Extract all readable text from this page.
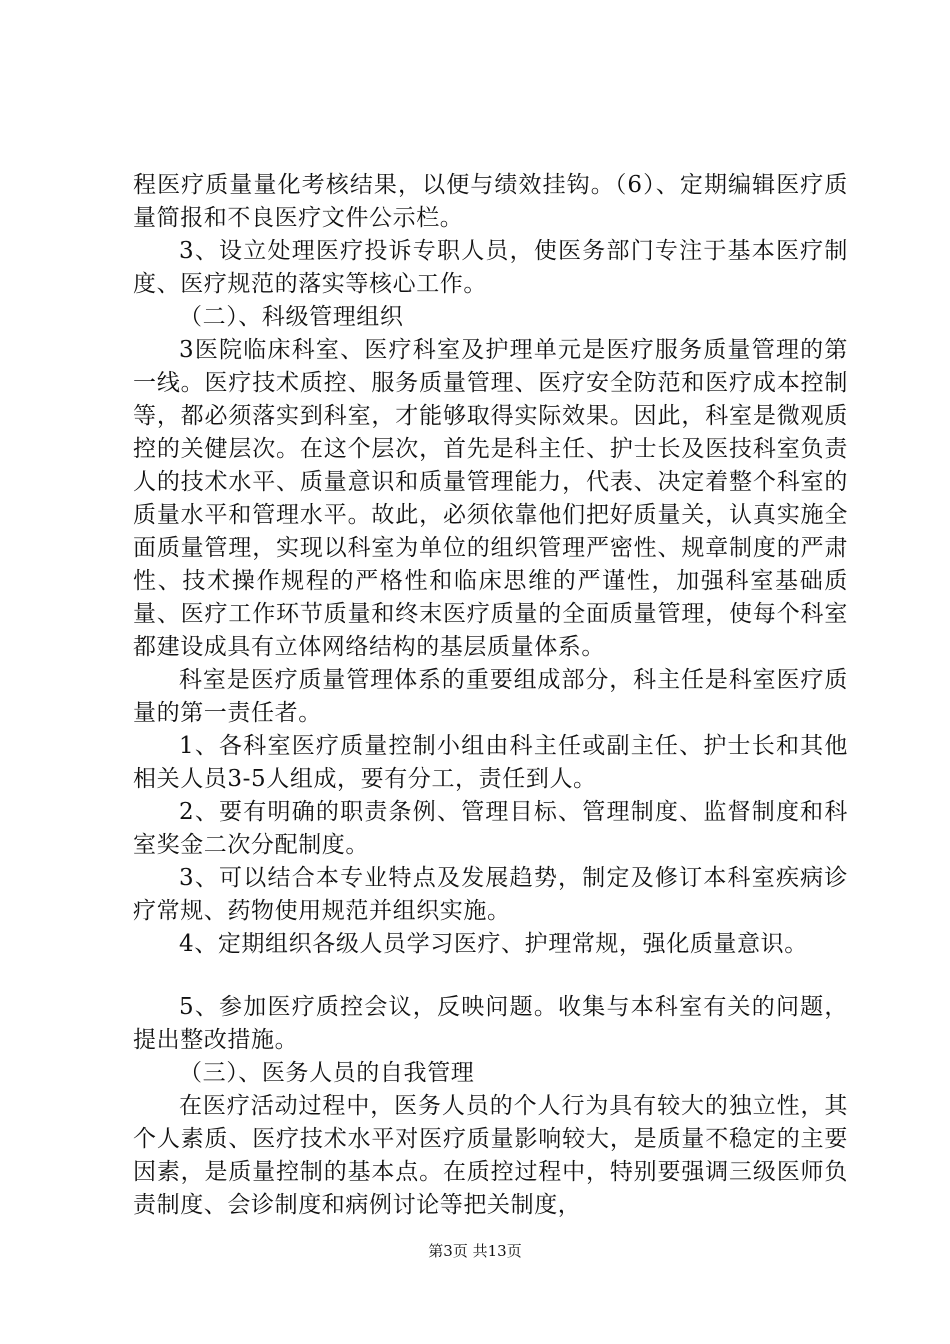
程医疗质量量化考核结果，以便与绩效挂钩。（6）、定期编辑医疗质量简报和不良医疗文件公示栏。

3、设立处理医疗投诉专职人员，使医务部门专注于基本医疗制度、医疗规范的落实等核心工作。

（二）、科级管理组织

3医院临床科室、医疗科室及护理单元是医疗服务质量管理的第一线。医疗技术质控、服务质量管理、医疗安全防范和医疗成本控制等，都必须落实到科室，才能够取得实际效果。因此，科室是微观质控的关健层次。在这个层次，首先是科主任、护士长及医技科室负责人的技术水平、质量意识和质量管理能力，代表、决定着整个科室的质量水平和管理水平。故此，必须依靠他们把好质量关，认真实施全面质量管理，实现以科室为单位的组织管理严密性、规章制度的严肃性、技术操作规程的严格性和临床思维的严谨性，加强科室基础质量、医疗工作环节质量和终末医疗质量的全面质量管理，使每个科室都建设成具有立体网络结构的基层质量体系。

科室是医疗质量管理体系的重要组成部分，科主任是科室医疗质量的第一责任者。

1、各科室医疗质量控制小组由科主任或副主任、护士长和其他相关人员3-5人组成，要有分工，责任到人。

2、要有明确的职责条例、管理目标、管理制度、监督制度和科室奖金二次分配制度。

3、可以结合本专业特点及发展趋势，制定及修订本科室疾病诊疗常规、药物使用规范并组织实施。

4、定期组织各级人员学习医疗、护理常规，强化质量意识。

5、参加医疗质控会议，反映问题。收集与本科室有关的问题，提出整改措施。

（三）、医务人员的自我管理

在医疗活动过程中，医务人员的个人行为具有较大的独立性，其个人素质、医疗技术水平对医疗质量影响较大，是质量不稳定的主要因素，是质量控制的基本点。在质控过程中，特别要强调三级医师负责制度、会诊制度和病例讨论等把关制度，

第3页 共13页
